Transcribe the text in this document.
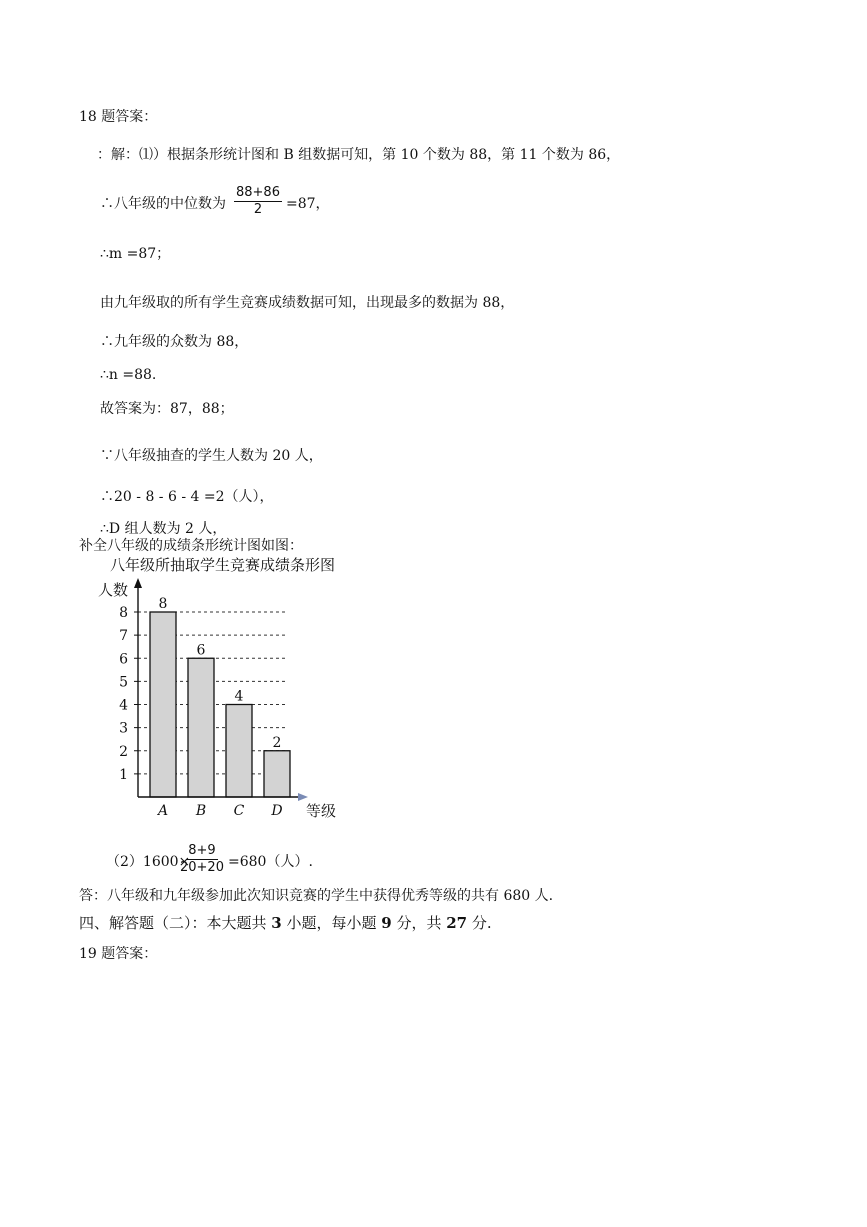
18 题答案：
：解：⑴）根据条形统计图和 B 组数据可知，第 10 个数为 88，第 11 个数为 86，
∴八年级的中位数为 $\frac{88+86}{2} =87$，
∴m =87；
由九年级取的所有学生竞赛成绩数据可知，出现最多的数据为 88，
∴九年级的众数为 88，
∴n =88.
故答案为：87，88；
∵八年级抽查的学生人数为 20 人，
∴20 - 8 - 6 - 4 =2（人），
∴D 组人数为 2 人，
补全八年级的成绩条形统计图如图：
八年级所抽取学生竞赛成绩条形图
人数
等级
1
2
3
4
5
6
7
8
8
A
6
B
4
C
2
D
（2）1600×
$\frac{8+9}{20+20} =680$（人）.
答：八年级和九年级参加此次知识竞赛的学生中获得优秀等级的共有 680 人.
四、解答题（二）：本大题共 3 小题，每小题 9 分，共 27 分.
19 题答案：
